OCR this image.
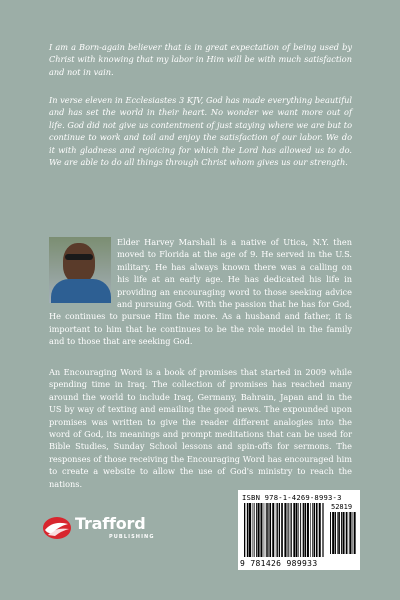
I am a Born-again believer that is in great expectation of being used by Christ with knowing that my labor in Him will be with much satisfaction and not in vain.
In verse eleven in Ecclesiastes 3 KJV, God has made everything beautiful and has set the world in their heart. No wonder we want more out of life. God did not give us contentment of just staying where we are but to continue to work and toil and enjoy the satisfaction of our labor. We do it with gladness and rejoicing for which the Lord has allowed us to do. We are able to do all things through Christ whom gives us our strength.
Elder Harvey Marshall is a native of Utica, N.Y. then moved to Florida at the age of 9. He served in the U.S. military. He has always known there was a calling on his life at an early age. He has dedicated his life in providing an encouraging word to those seeking advice and pursuing God. With the passion that he has for God, He continues to pursue Him the more. As a husband and father, it is important to him that he continues to be the role model in the family and to those that are seeking God.
An Encouraging Word is a book of promises that started in 2009 while spending time in Iraq. The collection of promises has reached many around the world to include Iraq, Germany, Bahrain, Japan and in the US by way of texting and emailing the good news. The expounded upon promises was written to give the reader different analogies into the word of God, its meanings and prompt meditations that can be used for Bible Studies, Sunday School lessons and spin-offs for sermons. The responses of those receiving the Encouraging Word has encouraged him to create a website to allow the use of God's ministry to reach the nations.
ISBN 978-1-4269-8993-3
52819
9 781426 989933
Trafford
PUBLISHING
